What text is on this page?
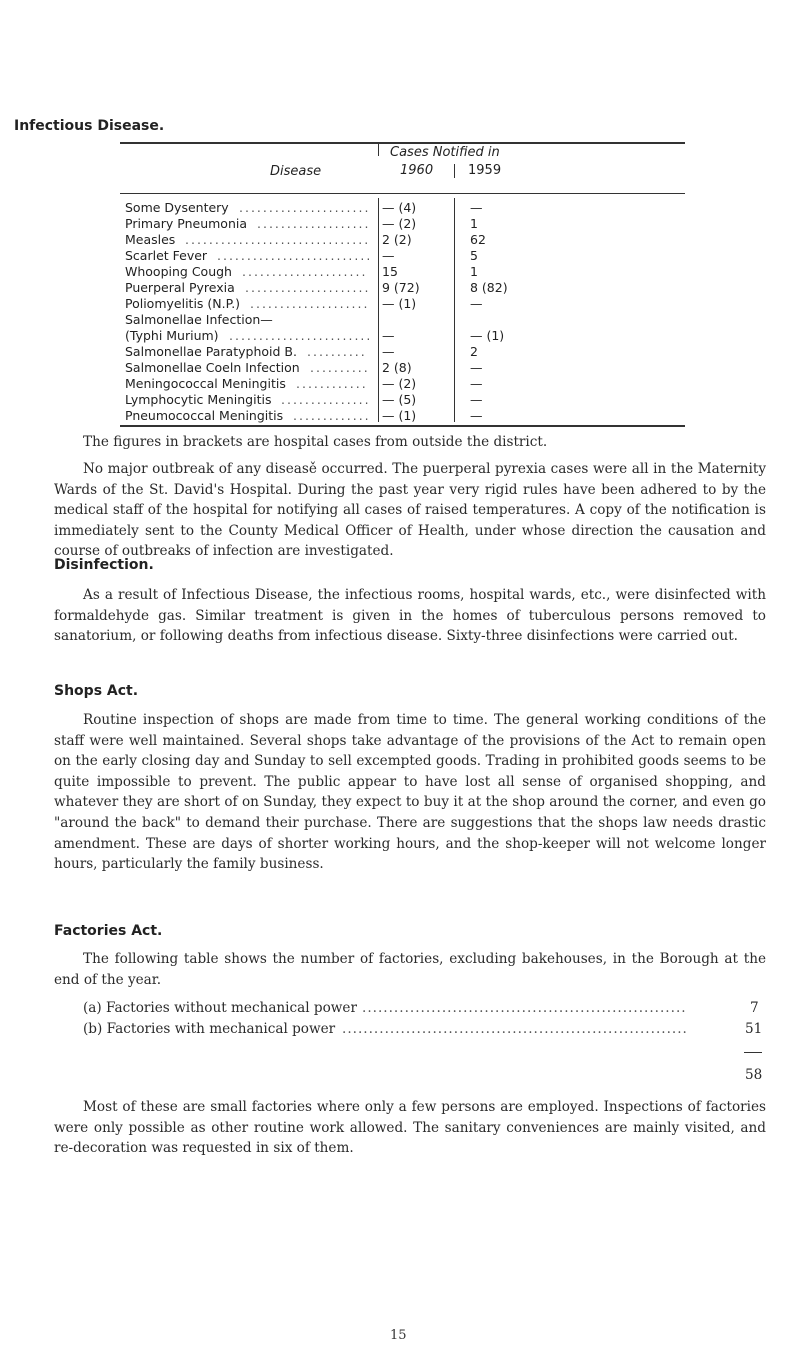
Infectious Disease.
Disease
Cases Notified in
1960	1959
Some Dysentery ...................... — (4)	—
Primary Pneumonia ................... — (2)	1
Measles ............................... 2 (2)	62
Scarlet Fever .......................... —	5
Whooping Cough ..................... 15	1
Puerperal Pyrexia ..................... 9 (72)	8 (82)
Poliomyelitis (N.P.) .................... — (1)	—
Salmonellae Infection—
(Typhi Murium) ........................ —	— (1)
Salmonellae Paratyphoid B. .......... —	2
Salmonellae Coeln Infection .......... 2 (8)	—
Meningococcal Meningitis ............ — (2)	—
Lymphocytic Meningitis ............... — (5)	—
Pneumococcal Meningitis ............. — (1)	—

The figures in brackets are hospital cases from outside the district.

No major outbreak of any diseasě occurred. The puerperal pyrexia cases were all in the Maternity Wards of the St. David's Hospital. During the past year very rigid rules have been adhered to by the medical staff of the hospital for notifying all cases of raised temperatures. A copy of the notification is immediately sent to the County Medical Officer of Health, under whose direction the causation and course of outbreaks of infection are investigated.

Disinfection.

As a result of Infectious Disease, the infectious rooms, hospital wards, etc., were disinfected with formaldehyde gas. Similar treatment is given in the homes of tuberculous persons removed to sanatorium, or following deaths from infectious disease. Sixty-three disinfections were carried out.

Shops Act.

Routine inspection of shops are made from time to time. The general working conditions of the staff were well maintained. Several shops take advantage of the provisions of the Act to remain open on the early closing day and Sunday to sell excempted goods. Trading in prohibited goods seems to be quite impossible to prevent. The public appear to have lost all sense of organised shopping, and whatever they are short of on Sunday, they expect to buy it at the shop around the corner, and even go "around the back" to demand their purchase. There are suggestions that the shops law needs drastic amendment. These are days of shorter working hours, and the shop-keeper will not welcome longer hours, particularly the family business.

Factories Act.

The following table shows the number of factories, excluding bakehouses, in the Borough at the end of the year.

(a) Factories without mechanical power .............................................................	7
(b) Factories with mechanical power .................................................................	51
58

Most of these are small factories where only a few persons are employed. Inspections of factories were only possible as other routine work allowed. The sanitary conveniences are mainly visited, and re-decoration was requested in six of them.

15
